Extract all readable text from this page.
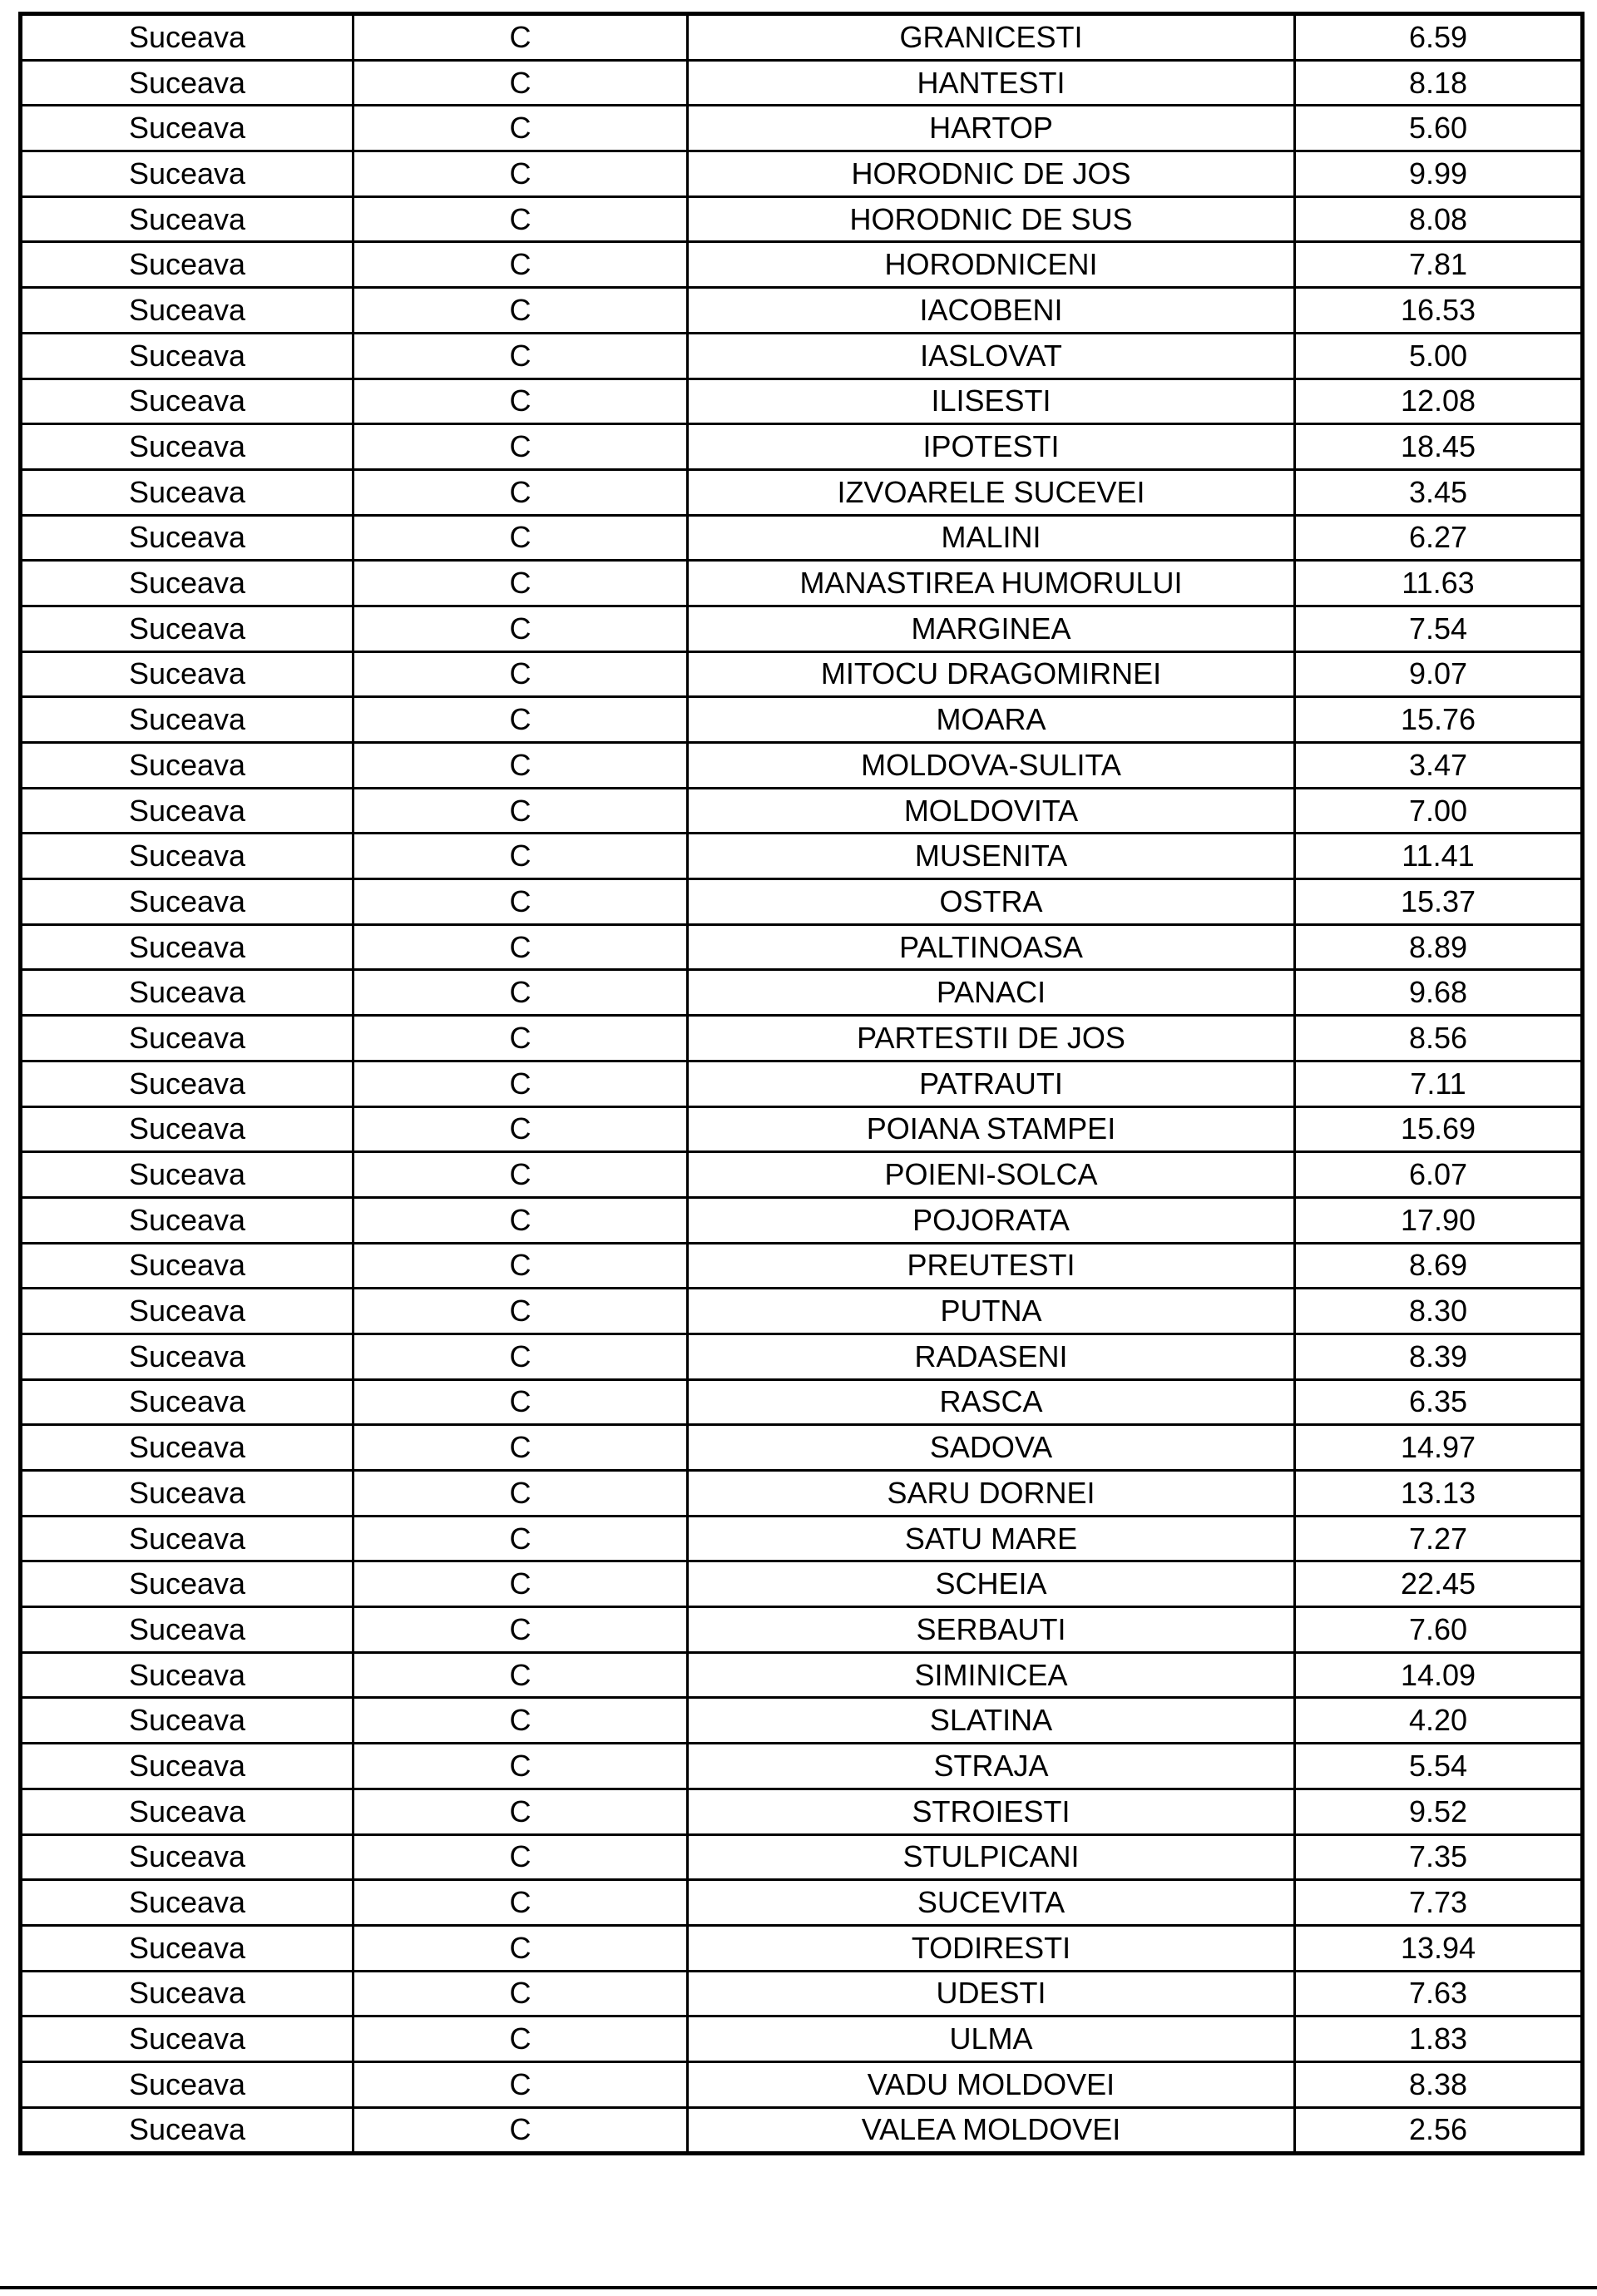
Suceava	C	GRANICESTI	6.59
Suceava	C	HANTESTI	8.18
Suceava	C	HARTOP	5.60
Suceava	C	HORODNIC DE JOS	9.99
Suceava	C	HORODNIC DE SUS	8.08
Suceava	C	HORODNICENI	7.81
Suceava	C	IACOBENI	16.53
Suceava	C	IASLOVAT	5.00
Suceava	C	ILISESTI	12.08
Suceava	C	IPOTESTI	18.45
Suceava	C	IZVOARELE SUCEVEI	3.45
Suceava	C	MALINI	6.27
Suceava	C	MANASTIREA HUMORULUI	11.63
Suceava	C	MARGINEA	7.54
Suceava	C	MITOCU DRAGOMIRNEI	9.07
Suceava	C	MOARA	15.76
Suceava	C	MOLDOVA-SULITA	3.47
Suceava	C	MOLDOVITA	7.00
Suceava	C	MUSENITA	11.41
Suceava	C	OSTRA	15.37
Suceava	C	PALTINOASA	8.89
Suceava	C	PANACI	9.68
Suceava	C	PARTESTII DE JOS	8.56
Suceava	C	PATRAUTI	7.11
Suceava	C	POIANA STAMPEI	15.69
Suceava	C	POIENI-SOLCA	6.07
Suceava	C	POJORATA	17.90
Suceava	C	PREUTESTI	8.69
Suceava	C	PUTNA	8.30
Suceava	C	RADASENI	8.39
Suceava	C	RASCA	6.35
Suceava	C	SADOVA	14.97
Suceava	C	SARU DORNEI	13.13
Suceava	C	SATU MARE	7.27
Suceava	C	SCHEIA	22.45
Suceava	C	SERBAUTI	7.60
Suceava	C	SIMINICEA	14.09
Suceava	C	SLATINA	4.20
Suceava	C	STRAJA	5.54
Suceava	C	STROIESTI	9.52
Suceava	C	STULPICANI	7.35
Suceava	C	SUCEVITA	7.73
Suceava	C	TODIRESTI	13.94
Suceava	C	UDESTI	7.63
Suceava	C	ULMA	1.83
Suceava	C	VADU MOLDOVEI	8.38
Suceava	C	VALEA MOLDOVEI	2.56
